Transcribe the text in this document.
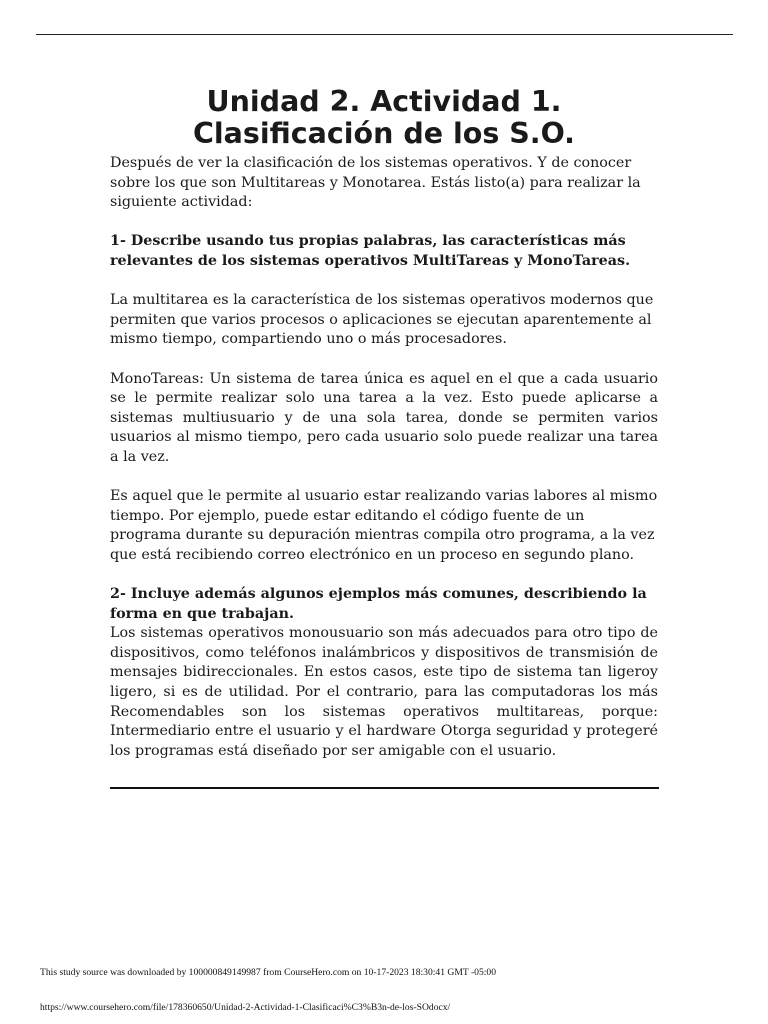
Unidad 2. Actividad 1.
Clasificación de los S.O.

Después de ver la clasificación de los sistemas operativos. Y de conocer sobre los que son Multitareas y Monotarea. Estás listo(a) para realizar la siguiente actividad:

1- Describe usando tus propias palabras, las características más relevantes de los sistemas operativos MultiTareas y MonoTareas.

La multitarea es la característica de los sistemas operativos modernos que permiten que varios procesos o aplicaciones se ejecutan aparentemente al mismo tiempo, compartiendo uno o más procesadores.

MonoTareas: Un sistema de tarea única es aquel en el que a cada usuario se le permite realizar solo una tarea a la vez. Esto puede aplicarse a sistemas multiusuario y de una sola tarea, donde se permiten varios usuarios al mismo tiempo, pero cada usuario solo puede realizar una tarea a la vez.

Es aquel que le permite al usuario estar realizando varias labores al mismo tiempo. Por ejemplo, puede estar editando el código fuente de un programa durante su depuración mientras compila otro programa, a la vez que está recibiendo correo electrónico en un proceso en segundo plano.

2- Incluye además algunos ejemplos más comunes, describiendo la forma en que trabajan.

Los sistemas operativos monousuario son más adecuados para otro tipo de dispositivos, como teléfonos inalámbricos y dispositivos de transmisión de mensajes bidireccionales. En estos casos, este tipo de sistema tan ligeroy ligero, si es de utilidad. Por el contrario, para las computadoras los más Recomendables son los sistemas operativos multitareas, porque: Intermediario entre el usuario y el hardware Otorga seguridad y protegeré los programas está diseñado por ser amigable con el usuario.

This study source was downloaded by 100000849149987 from CourseHero.com on 10-17-2023 18:30:41 GMT -05:00
https://www.coursehero.com/file/178360650/Unidad-2-Actividad-1-Clasificaci%C3%B3n-de-los-SOdocx/
